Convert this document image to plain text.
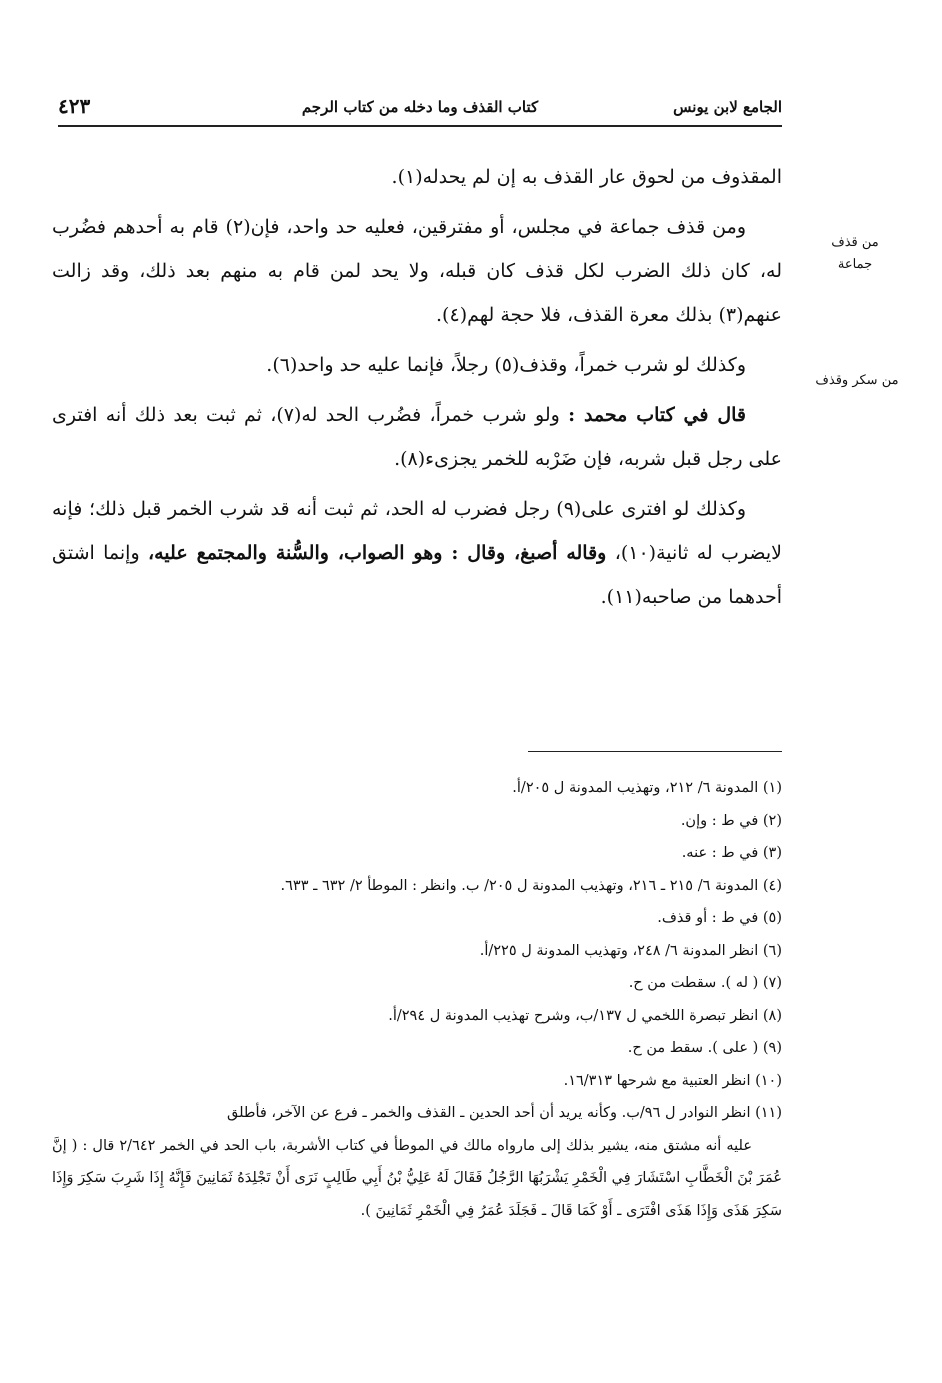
الجامع لابن يونس
كتاب القذف وما دخله من كتاب الرجم
٤٢٣
من قذف
جماعة
من سكر وقذف

المقذوف من لحوق عار القذف به إن لم يحدله(١).

ومن قذف جماعة في مجلس، أو مفترقين، فعليه حد واحد، فإن(٢) قام به أحدهم فضُرب له، كان ذلك الضرب لكل قذف كان قبله، ولا يحد لمن قام به منهم بعد ذلك، وقد زالت عنهم(٣) بذلك معرة القذف، فلا حجة لهم(٤).

وكذلك لو شرب خمراً، وقذف(٥) رجلاً، فإنما عليه حد واحد(٦).

قال في كتاب محمد : ولو شرب خمراً، فضُرب الحد له(٧)، ثم ثبت بعد ذلك أنه افترى على رجل قبل شربه، فإن ضَرْبه للخمر يجزىء(٨).

وكذلك لو افترى على(٩) رجل فضرب له الحد، ثم ثبت أنه قد شرب الخمر قبل ذلك؛ فإنه لايضرب له ثانية(١٠)، وقاله أصبغ، وقال : وهو الصواب، والسُّنة والمجتمع عليه، وإنما اشتق أحدهما من صاحبه(١١).

(١) المدونة ٦/ ٢١٢، وتهذيب المدونة ل ٢٠٥/أ.

(٢) في ط : وإن.

(٣) في ط : عنه.

(٤) المدونة ٦/ ٢١٥ ـ ٢١٦، وتهذيب المدونة ل ٢٠٥/ ب. وانظر : الموطأ ٢/ ٦٣٢ ـ ٦٣٣.

(٥) في ط : أو قذف.

(٦) انظر المدونة ٦/ ٢٤٨، وتهذيب المدونة ل ٢٢٥/أ.

(٧) ( له ). سقطت من ح.

(٨) انظر تبصرة اللخمي ل ١٣٧/ب، وشرح تهذيب المدونة ل ٢٩٤/أ.

(٩) ( على ). سقط من ح.

(١٠) انظر العتبية مع شرحها ١٦/٣١٣.

(١١) انظر النوادر ل ٩٦/ب. وكأنه يريد أن أحد الحدين ـ القذف والخمر ـ فرع عن الآخر، فأطلق
عليه أنه مشتق منه، يشير بذلك إلى مارواه مالك في الموطأ في كتاب الأشربة، باب الحد في الخمر ٢/٦٤٢ قال : ( إنَّ عُمَرَ بْنَ الْخَطَّابِ اسْتَشَارَ فِي الْخَمْرِ يَشْرَبُهَا الرَّجُلُ فَقَالَ لَهُ عَلِيُّ بْنُ أَبِي طَالِبٍ نَرَى أَنْ تَجْلِدَهُ ثَمَانِينَ فَإِنَّهُ إِذَا شَرِبَ سَكِرَ وَإِذَا سَكِرَ هَذَى وَإِذَا هَذَى افْتَرَى ـ أَوْ كَمَا قَالَ ـ فَجَلَدَ عُمَرُ فِي الْخَمْرِ ثَمَانِينَ ).
